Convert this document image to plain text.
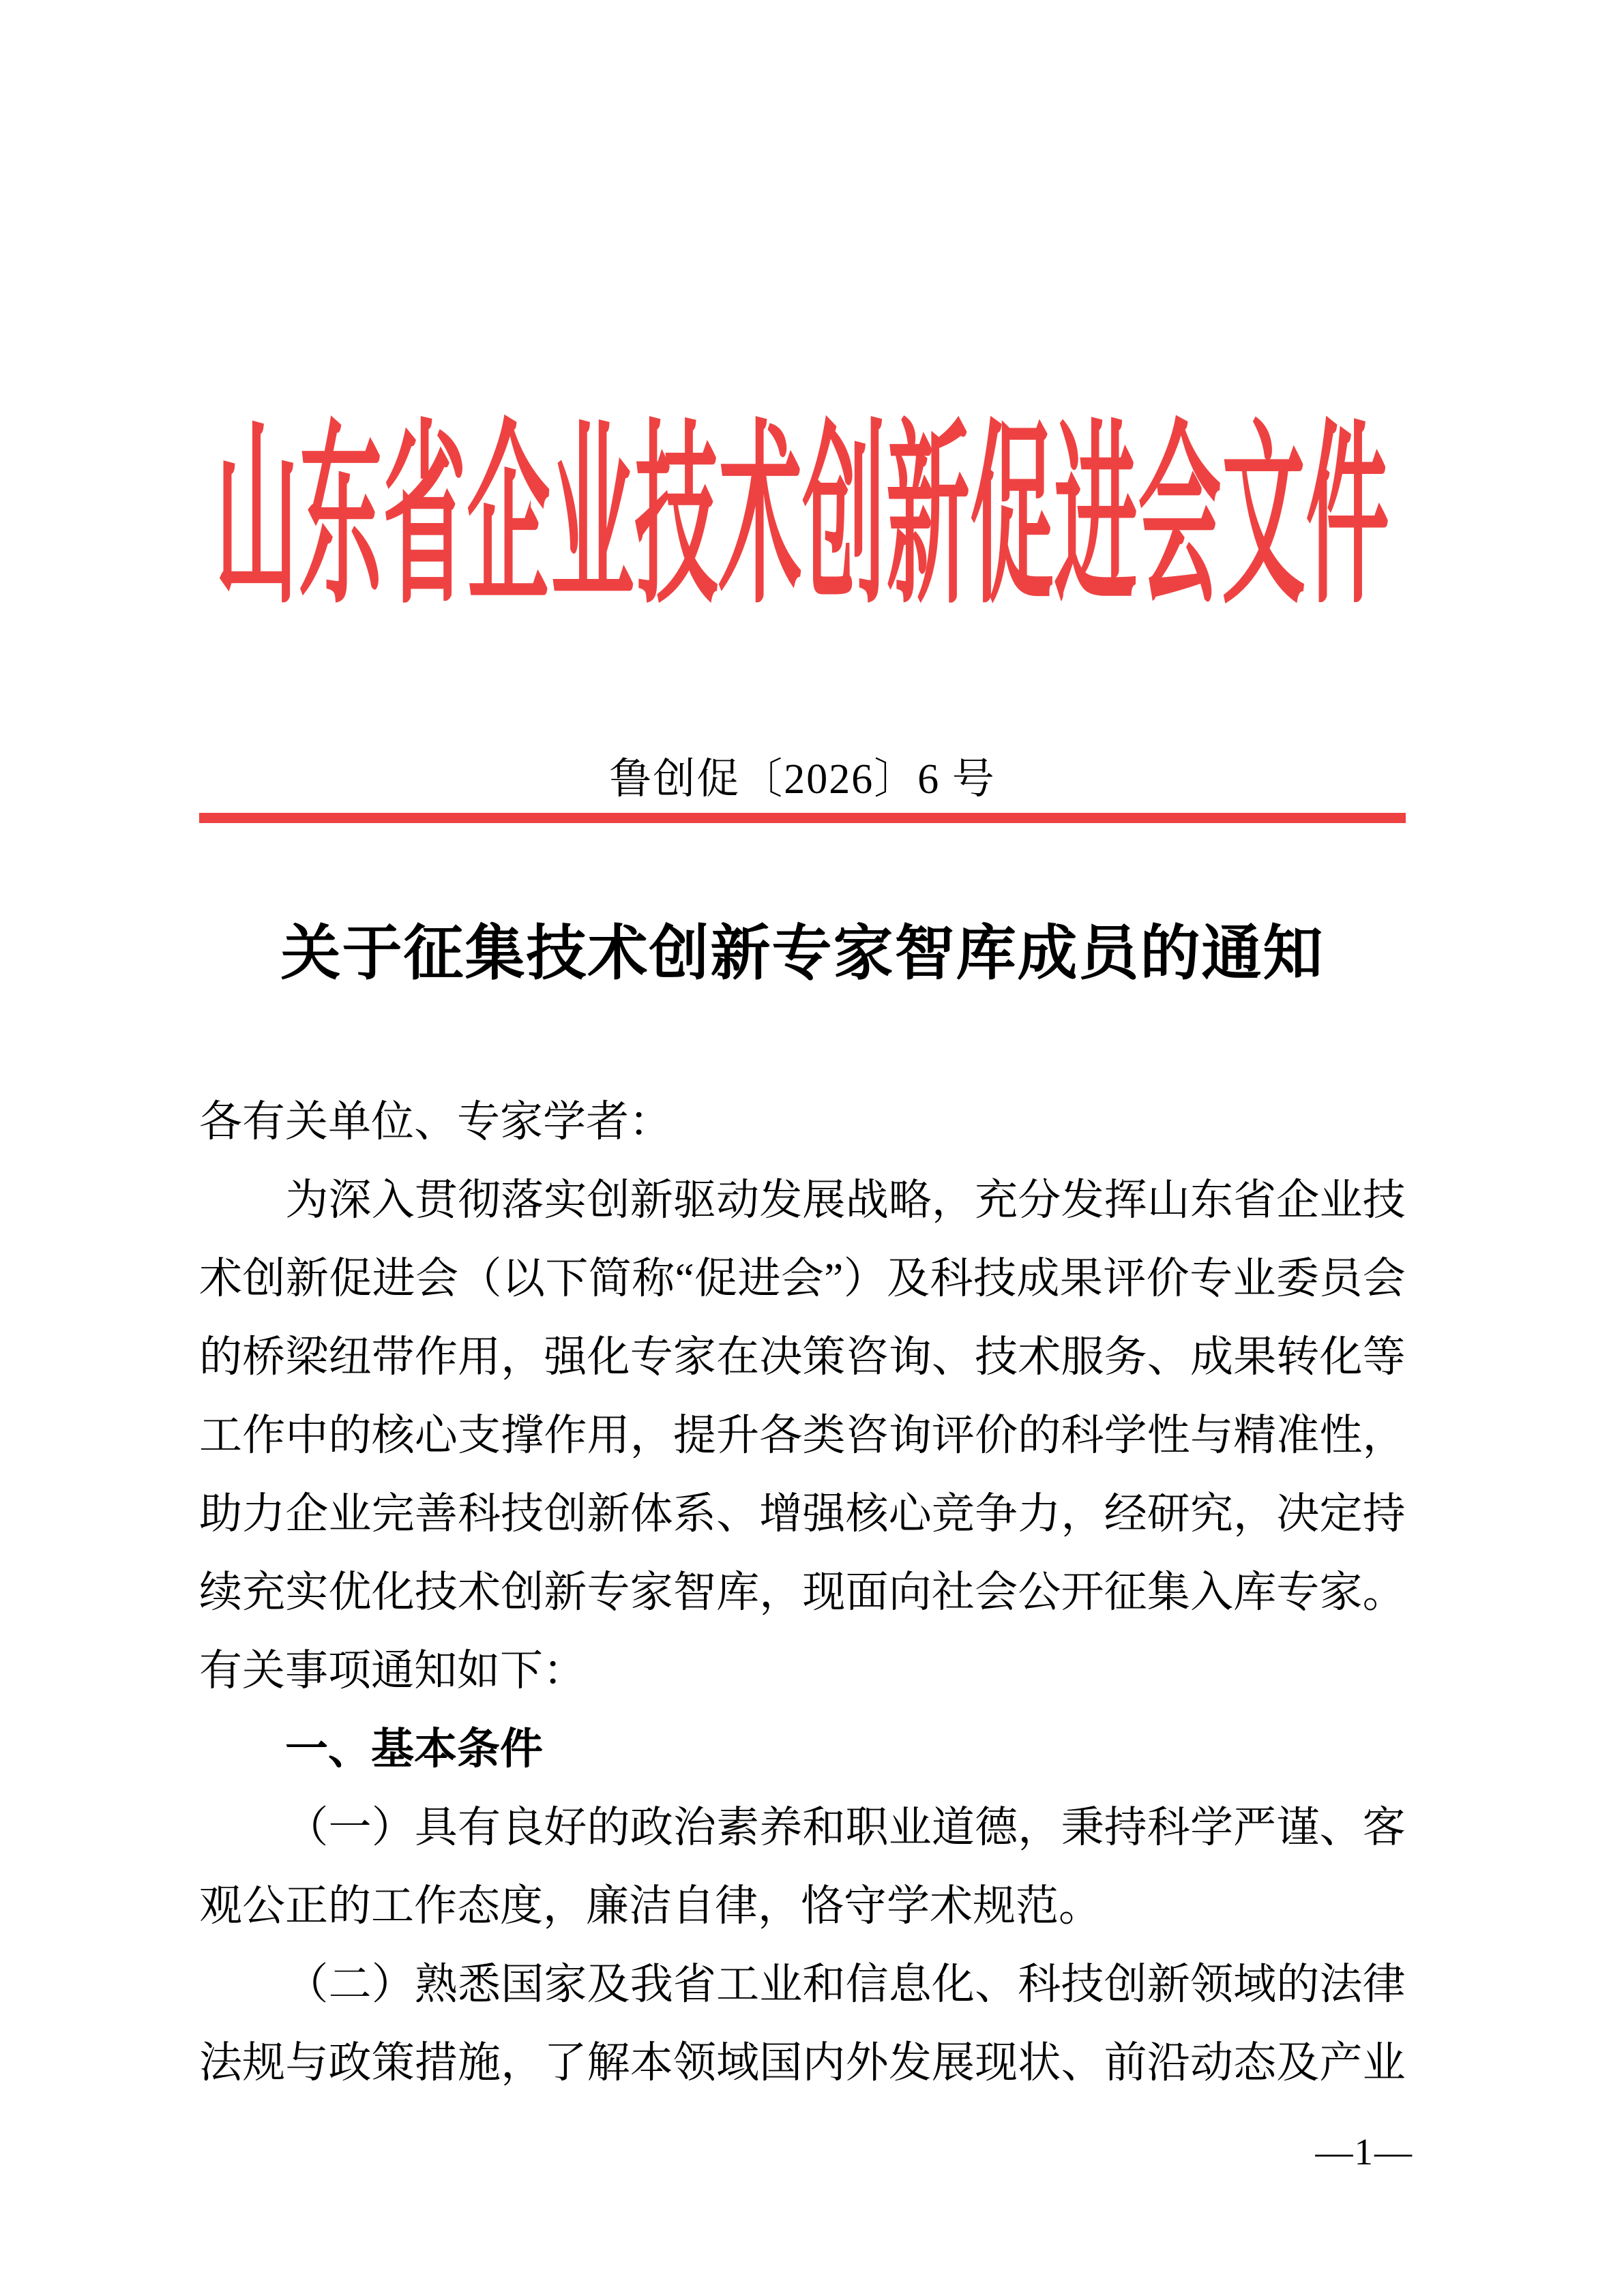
山东省企业技术创新促进会文件
鲁创促〔2026〕6 号
关于征集技术创新专家智库成员的通知
各有关单位、专家学者：

为 深 入 贯 彻 落 实 创 新 驱 动 发 展 战 略 ， 充 分 发 挥 山 东 省 企 业 技
术 创 新 促 进 会 （ 以 下 简 称 “ 促 进 会 ” ） 及 科 技 成 果 评 价 专 业 委 员 会
的 桥 梁 纽 带 作 用 ， 强 化 专 家 在 决 策 咨 询 、 技 术 服 务 、 成 果 转 化 等
工 作 中 的 核 心 支 撑 作 用 ， 提 升 各 类 咨 询 评 价 的 科 学 性 与 精 准 性 ，
助 力 企 业 完 善 科 技 创 新 体 系 、 增 强 核 心 竞 争 力 ， 经 研 究 ， 决 定 持
续 充 实 优 化 技 术 创 新 专 家 智 库 ， 现 面 向 社 会 公 开 征 集 入 库 专 家 。
有关事项通知如下：
　　一、基本条件

（ 一 ） 具 有 良 好 的 政 治 素 养 和 职 业 道 德 ， 秉 持 科 学 严 谨 、 客
观公正的工作态度，廉洁自律，恪守学术规范。

（ 二 ） 熟 悉 国 家 及 我 省 工 业 和 信 息 化 、 科 技 创 新 领 域 的 法 律
法 规 与 政 策 措 施 ， 了 解 本 领 域 国 内 外 发 展 现 状 、 前 沿 动 态 及 产 业
—1—
